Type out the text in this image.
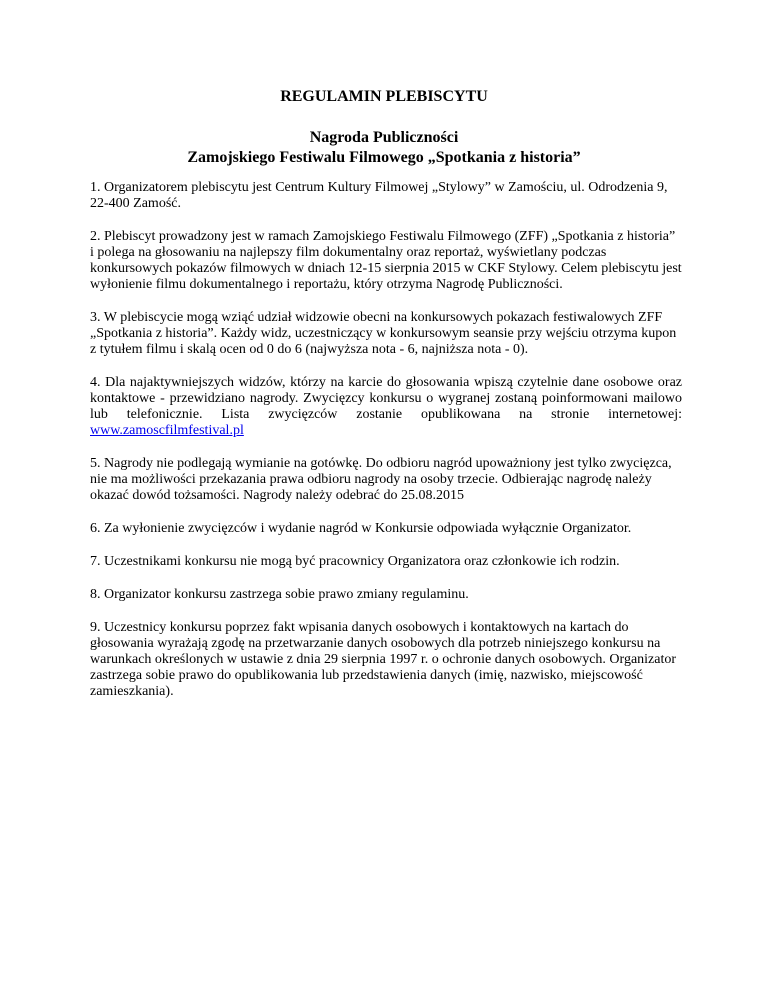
REGULAMIN PLEBISCYTU
Nagroda Publiczności
Zamojskiego Festiwalu Filmowego „Spotkania z historia”

1. Organizatorem plebiscytu jest Centrum Kultury Filmowej „Stylowy” w Zamościu, ul. Odrodzenia 9, 22-400 Zamość.

2. Plebiscyt prowadzony jest w ramach Zamojskiego Festiwalu Filmowego (ZFF) „Spotkania z historia” i polega na głosowaniu na najlepszy film dokumentalny oraz reportaż, wyświetlany podczas konkursowych pokazów filmowych w dniach 12-15 sierpnia 2015 w CKF Stylowy. Celem plebiscytu jest wyłonienie filmu dokumentalnego i reportażu, który otrzyma Nagrodę Publiczności.

3. W plebiscycie mogą wziąć udział widzowie obecni na konkursowych pokazach festiwalowych ZFF „Spotkania z historia”. Każdy widz, uczestniczący w konkursowym seansie przy wejściu otrzyma kupon z tytułem filmu i skalą ocen od 0 do 6 (najwyższa nota - 6, najniższa nota - 0).

4. Dla najaktywniejszych widzów, którzy na karcie do głosowania wpiszą czytelnie dane osobowe oraz kontaktowe - przewidziano nagrody. Zwycięzcy konkursu o wygranej zostaną poinformowani mailowo lub telefonicznie. Lista zwycięzców zostanie opublikowana na stronie internetowej: www.zamoscfilmfestival.pl

5. Nagrody nie podlegają wymianie na gotówkę. Do odbioru nagród upoważniony jest tylko zwycięzca, nie ma możliwości przekazania prawa odbioru nagrody na osoby trzecie. Odbierając nagrodę należy okazać dowód tożsamości. Nagrody należy odebrać do 25.08.2015

6. Za wyłonienie zwycięzców i wydanie nagród w Konkursie odpowiada wyłącznie Organizator.

7. Uczestnikami konkursu nie mogą być pracownicy Organizatora oraz członkowie ich rodzin.

8. Organizator konkursu zastrzega sobie prawo zmiany regulaminu.

9. Uczestnicy konkursu poprzez fakt wpisania danych osobowych i kontaktowych na kartach do głosowania wyrażają zgodę na przetwarzanie danych osobowych dla potrzeb niniejszego konkursu na warunkach określonych w ustawie z dnia 29 sierpnia 1997 r. o ochronie danych osobowych. Organizator zastrzega sobie prawo do opublikowania lub przedstawienia danych (imię, nazwisko, miejscowość zamieszkania).
